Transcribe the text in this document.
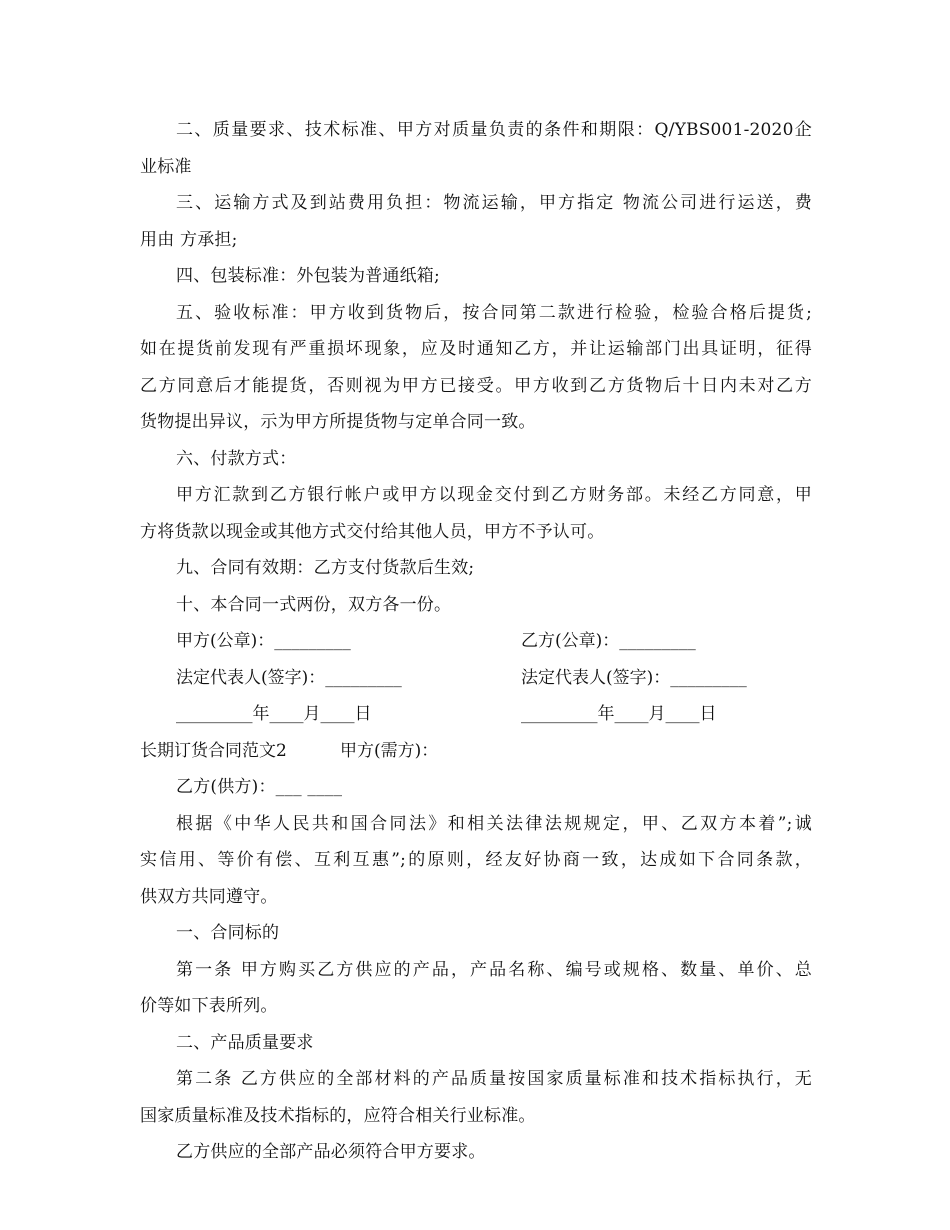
二、质量要求、技术标准、甲方对质量负责的条件和期限：Q/YBS001-2020企
业标准
三、运输方式及到站费用负担：物流运输，甲方指定 物流公司进行运送，费
用由 方承担;
四、包装标准：外包装为普通纸箱;
五、验收标准：甲方收到货物后，按合同第二款进行检验，检验合格后提货;
如在提货前发现有严重损坏现象，应及时通知乙方，并让运输部门出具证明，征得
乙方同意后才能提货，否则视为甲方已接受。甲方收到乙方货物后十日内未对乙方
货物提出异议，示为甲方所提货物与定单合同一致。
六、付款方式：
甲方汇款到乙方银行帐户或甲方以现金交付到乙方财务部。未经乙方同意，甲
方将货款以现金或其他方式交付给其他人员，甲方不予认可。
九、合同有效期：乙方支付货款后生效;
十、本合同一式两份，双方各一份。
甲方(公章)：_________	乙方(公章)：_________
法定代表人(签字)：_________	法定代表人(签字)：_________
_________年____月____日	_________年____月____日
长期订货合同范文2	甲方(需方)：
乙方(供方)：___ ____
根据《中华人民共和国合同法》和相关法律法规规定，甲、乙双方本着”;诚
实信用、等价有偿、互利互惠”;的原则，经友好协商一致，达成如下合同条款，
供双方共同遵守。
一、合同标的
第一条 甲方购买乙方供应的产品，产品名称、编号或规格、数量、单价、总
价等如下表所列。
二、产品质量要求
第二条 乙方供应的全部材料的产品质量按国家质量标准和技术指标执行，无
国家质量标准及技术指标的，应符合相关行业标准。
乙方供应的全部产品必须符合甲方要求。
